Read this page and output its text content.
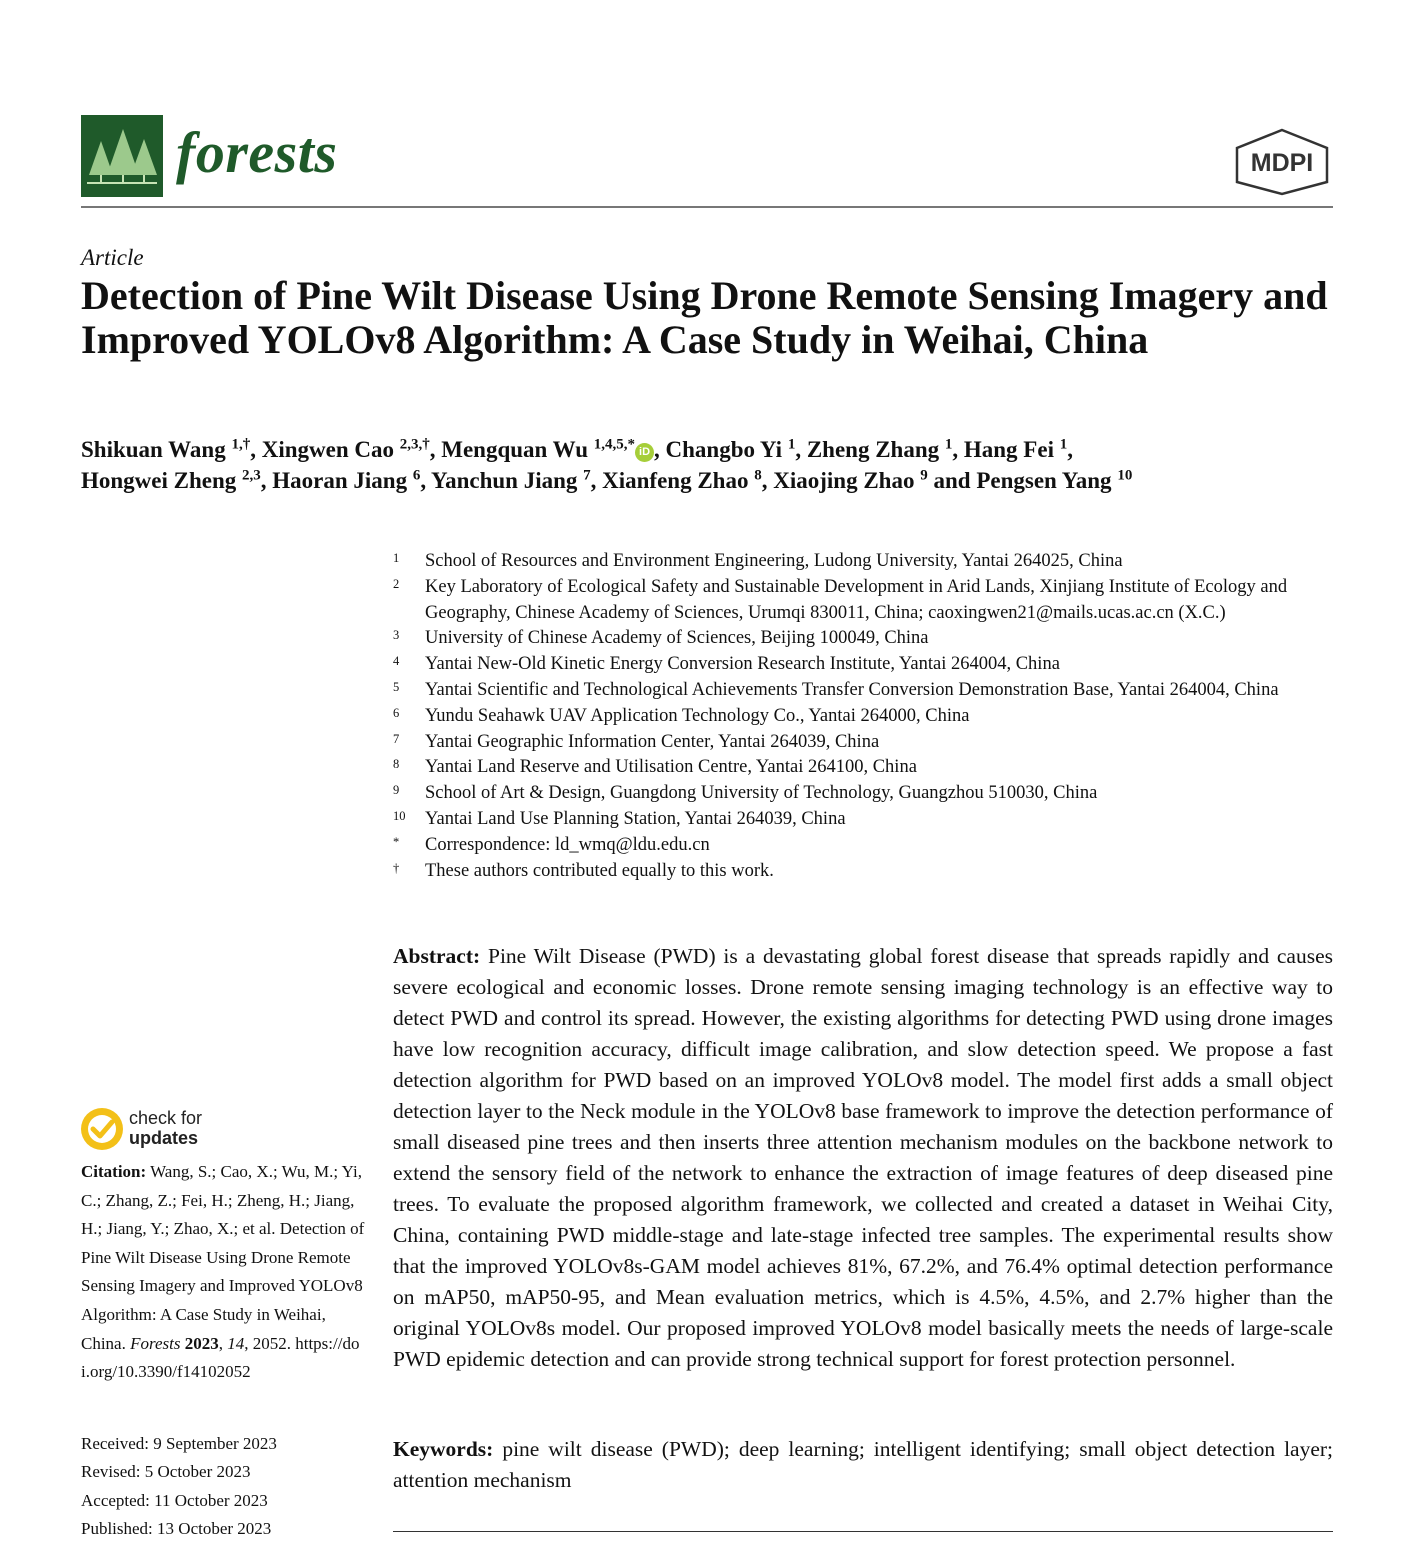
forests	MDPI
Article
Detection of Pine Wilt Disease Using Drone Remote Sensing Imagery and Improved YOLOv8 Algorithm: A Case Study in Weihai, China
Shikuan Wang $^{1,\dagger}$, Xingwen Cao $^{2,3,\dagger}$, Mengquan Wu $^{1,4,5,*}$ iD , Changbo Yi $^1$, Zheng Zhang $^1$, Hang Fei $^1$,
Hongwei Zheng $^{2,3}$, Haoran Jiang $^6$, Yanchun Jiang $^7$, Xianfeng Zhao $^8$, Xiaojing Zhao $^9$ and Pengsen Yang $^{10}$
1	School of Resources and Environment Engineering, Ludong University, Yantai 264025, China
2	Key Laboratory of Ecological Safety and Sustainable Development in Arid Lands, Xinjiang Institute of Ecology and Geography, Chinese Academy of Sciences, Urumqi 830011, China; caoxingwen21@mails.ucas.ac.cn (X.C.)
3	University of Chinese Academy of Sciences, Beijing 100049, China
4	Yantai New-Old Kinetic Energy Conversion Research Institute, Yantai 264004, China
5	Yantai Scientific and Technological Achievements Transfer Conversion Demonstration Base, Yantai 264004, China
6	Yundu Seahawk UAV Application Technology Co., Yantai 264000, China
7	Yantai Geographic Information Center, Yantai 264039, China
8	Yantai Land Reserve and Utilisation Centre, Yantai 264100, China
9	School of Art & Design, Guangdong University of Technology, Guangzhou 510030, China
10	Yantai Land Use Planning Station, Yantai 264039, China
*	Correspondence: ld_wmq@ldu.edu.cn
†	These authors contributed equally to this work.
Abstract: Pine Wilt Disease (PWD) is a devastating global forest disease that spreads rapidly and causes severe ecological and economic losses. Drone remote sensing imaging technology is an effective way to detect PWD and control its spread. However, the existing algorithms for detecting PWD using drone images have low recognition accuracy, difficult image calibration, and slow detection speed. We propose a fast detection algorithm for PWD based on an improved YOLOv8 model. The model first adds a small object detection layer to the Neck module in the YOLOv8 base framework to improve the detection performance of small diseased pine trees and then inserts three attention mechanism modules on the backbone network to extend the sensory field of the network to enhance the extraction of image features of deep diseased pine trees. To evaluate the proposed algorithm framework, we collected and created a dataset in Weihai City, China, containing PWD middle-stage and late-stage infected tree samples. The experimental results show that the improved YOLOv8s-GAM model achieves 81%, 67.2%, and 76.4% optimal detection performance on mAP50, mAP50-95, and Mean evaluation metrics, which is 4.5%, 4.5%, and 2.7% higher than the original YOLOv8s model. Our proposed improved YOLOv8 model basically meets the needs of large-scale PWD epidemic detection and can provide strong technical support for forest protection personnel.
Keywords: pine wilt disease (PWD); deep learning; intelligent identifying; small object detection layer; attention mechanism
check for
updates
Citation: Wang, S.; Cao, X.; Wu, M.; Yi, C.; Zhang, Z.; Fei, H.; Zheng, H.; Jiang, H.; Jiang, Y.; Zhao, X.; et al. Detection of Pine Wilt Disease Using Drone Remote Sensing Imagery and Improved YOLOv8 Algorithm: A Case Study in Weihai, China. Forests 2023, 14, 2052. https://doi.org/10.3390/f14102052
Received: 9 September 2023
Revised: 5 October 2023
Accepted: 11 October 2023
Published: 13 October 2023
